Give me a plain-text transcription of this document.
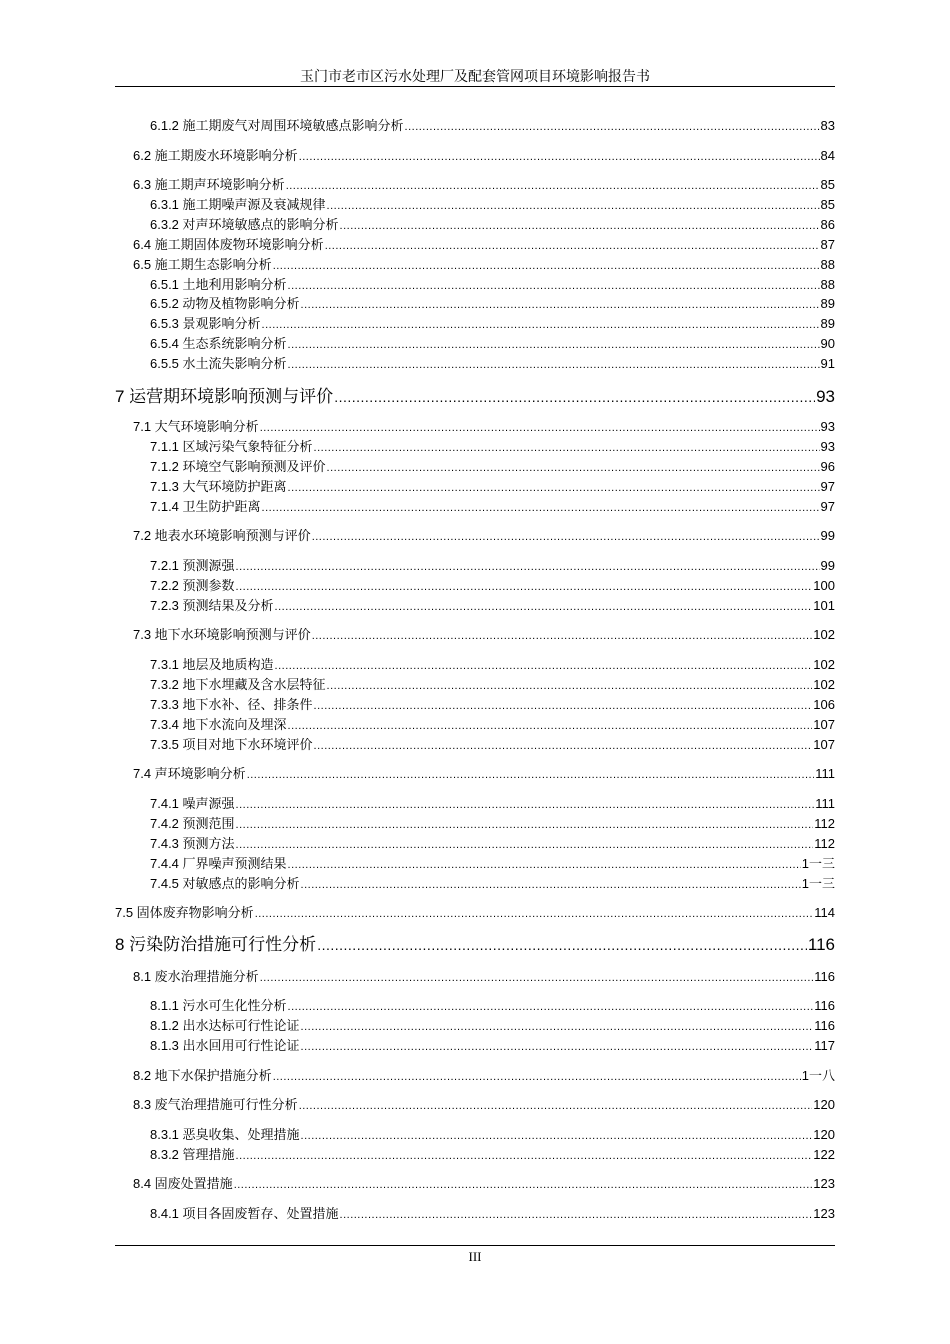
玉门市老市区污水处理厂及配套管网项目环境影响报告书
6.1.2 施工期废气对周围环境敏感点影响分析 .....	83
6.2 施工期废水环境影响分析 .....	84
6.3 施工期声环境影响分析 .....	85
6.3.1 施工期噪声源及衰减规律 .....	85
6.3.2 对声环境敏感点的影响分析 .....	86
6.4 施工期固体废物环境影响分析 .....	87
6.5 施工期生态影响分析 .....	88
6.5.1 土地利用影响分析 .....	88
6.5.2 动物及植物影响分析 .....	89
6.5.3 景观影响分析 .....	89
6.5.4 生态系统影响分析 .....	90
6.5.5 水土流失影响分析 .....	91
7 运营期环境影响预测与评价 .....	93
7.1 大气环境影响分析 .....	93
7.1.1 区域污染气象特征分析 .....	93
7.1.2 环境空气影响预测及评价 .....	96
7.1.3 大气环境防护距离 .....	97
7.1.4 卫生防护距离 .....	97
7.2 地表水环境影响预测与评价 .....	99
7.2.1 预测源强 .....	99
7.2.2 预测参数 .....	100
7.2.3 预测结果及分析 .....	101
7.3 地下水环境影响预测与评价 .....	102
7.3.1 地层及地质构造 .....	102
7.3.2 地下水埋藏及含水层特征 .....	102
7.3.3 地下水补、径、排条件 .....	106
7.3.4 地下水流向及埋深 .....	107
7.3.5 项目对地下水环境评价 .....	107
7.4 声环境影响分析 .....	111
7.4.1 噪声源强 .....	111
7.4.2 预测范围 .....	112
7.4.3 预测方法 .....	112
7.4.4 厂界噪声预测结果 .....	1一三
7.4.5 对敏感点的影响分析 .....	1一三
7.5 固体废弃物影响分析 .....	114
8 污染防治措施可行性分析 .....	116
8.1 废水治理措施分析 .....	116
8.1.1 污水可生化性分析 .....	116
8.1.2 出水达标可行性论证 .....	116
8.1.3 出水回用可行性论证 .....	117
8.2 地下水保护措施分析 .....	1一八
8.3 废气治理措施可行性分析 .....	120
8.3.1 恶臭收集、处理措施 .....	120
8.3.2 管理措施 .....	122
8.4 固废处置措施 .....	123
8.4.1 项目各固废暂存、处置措施 .....	123
III
